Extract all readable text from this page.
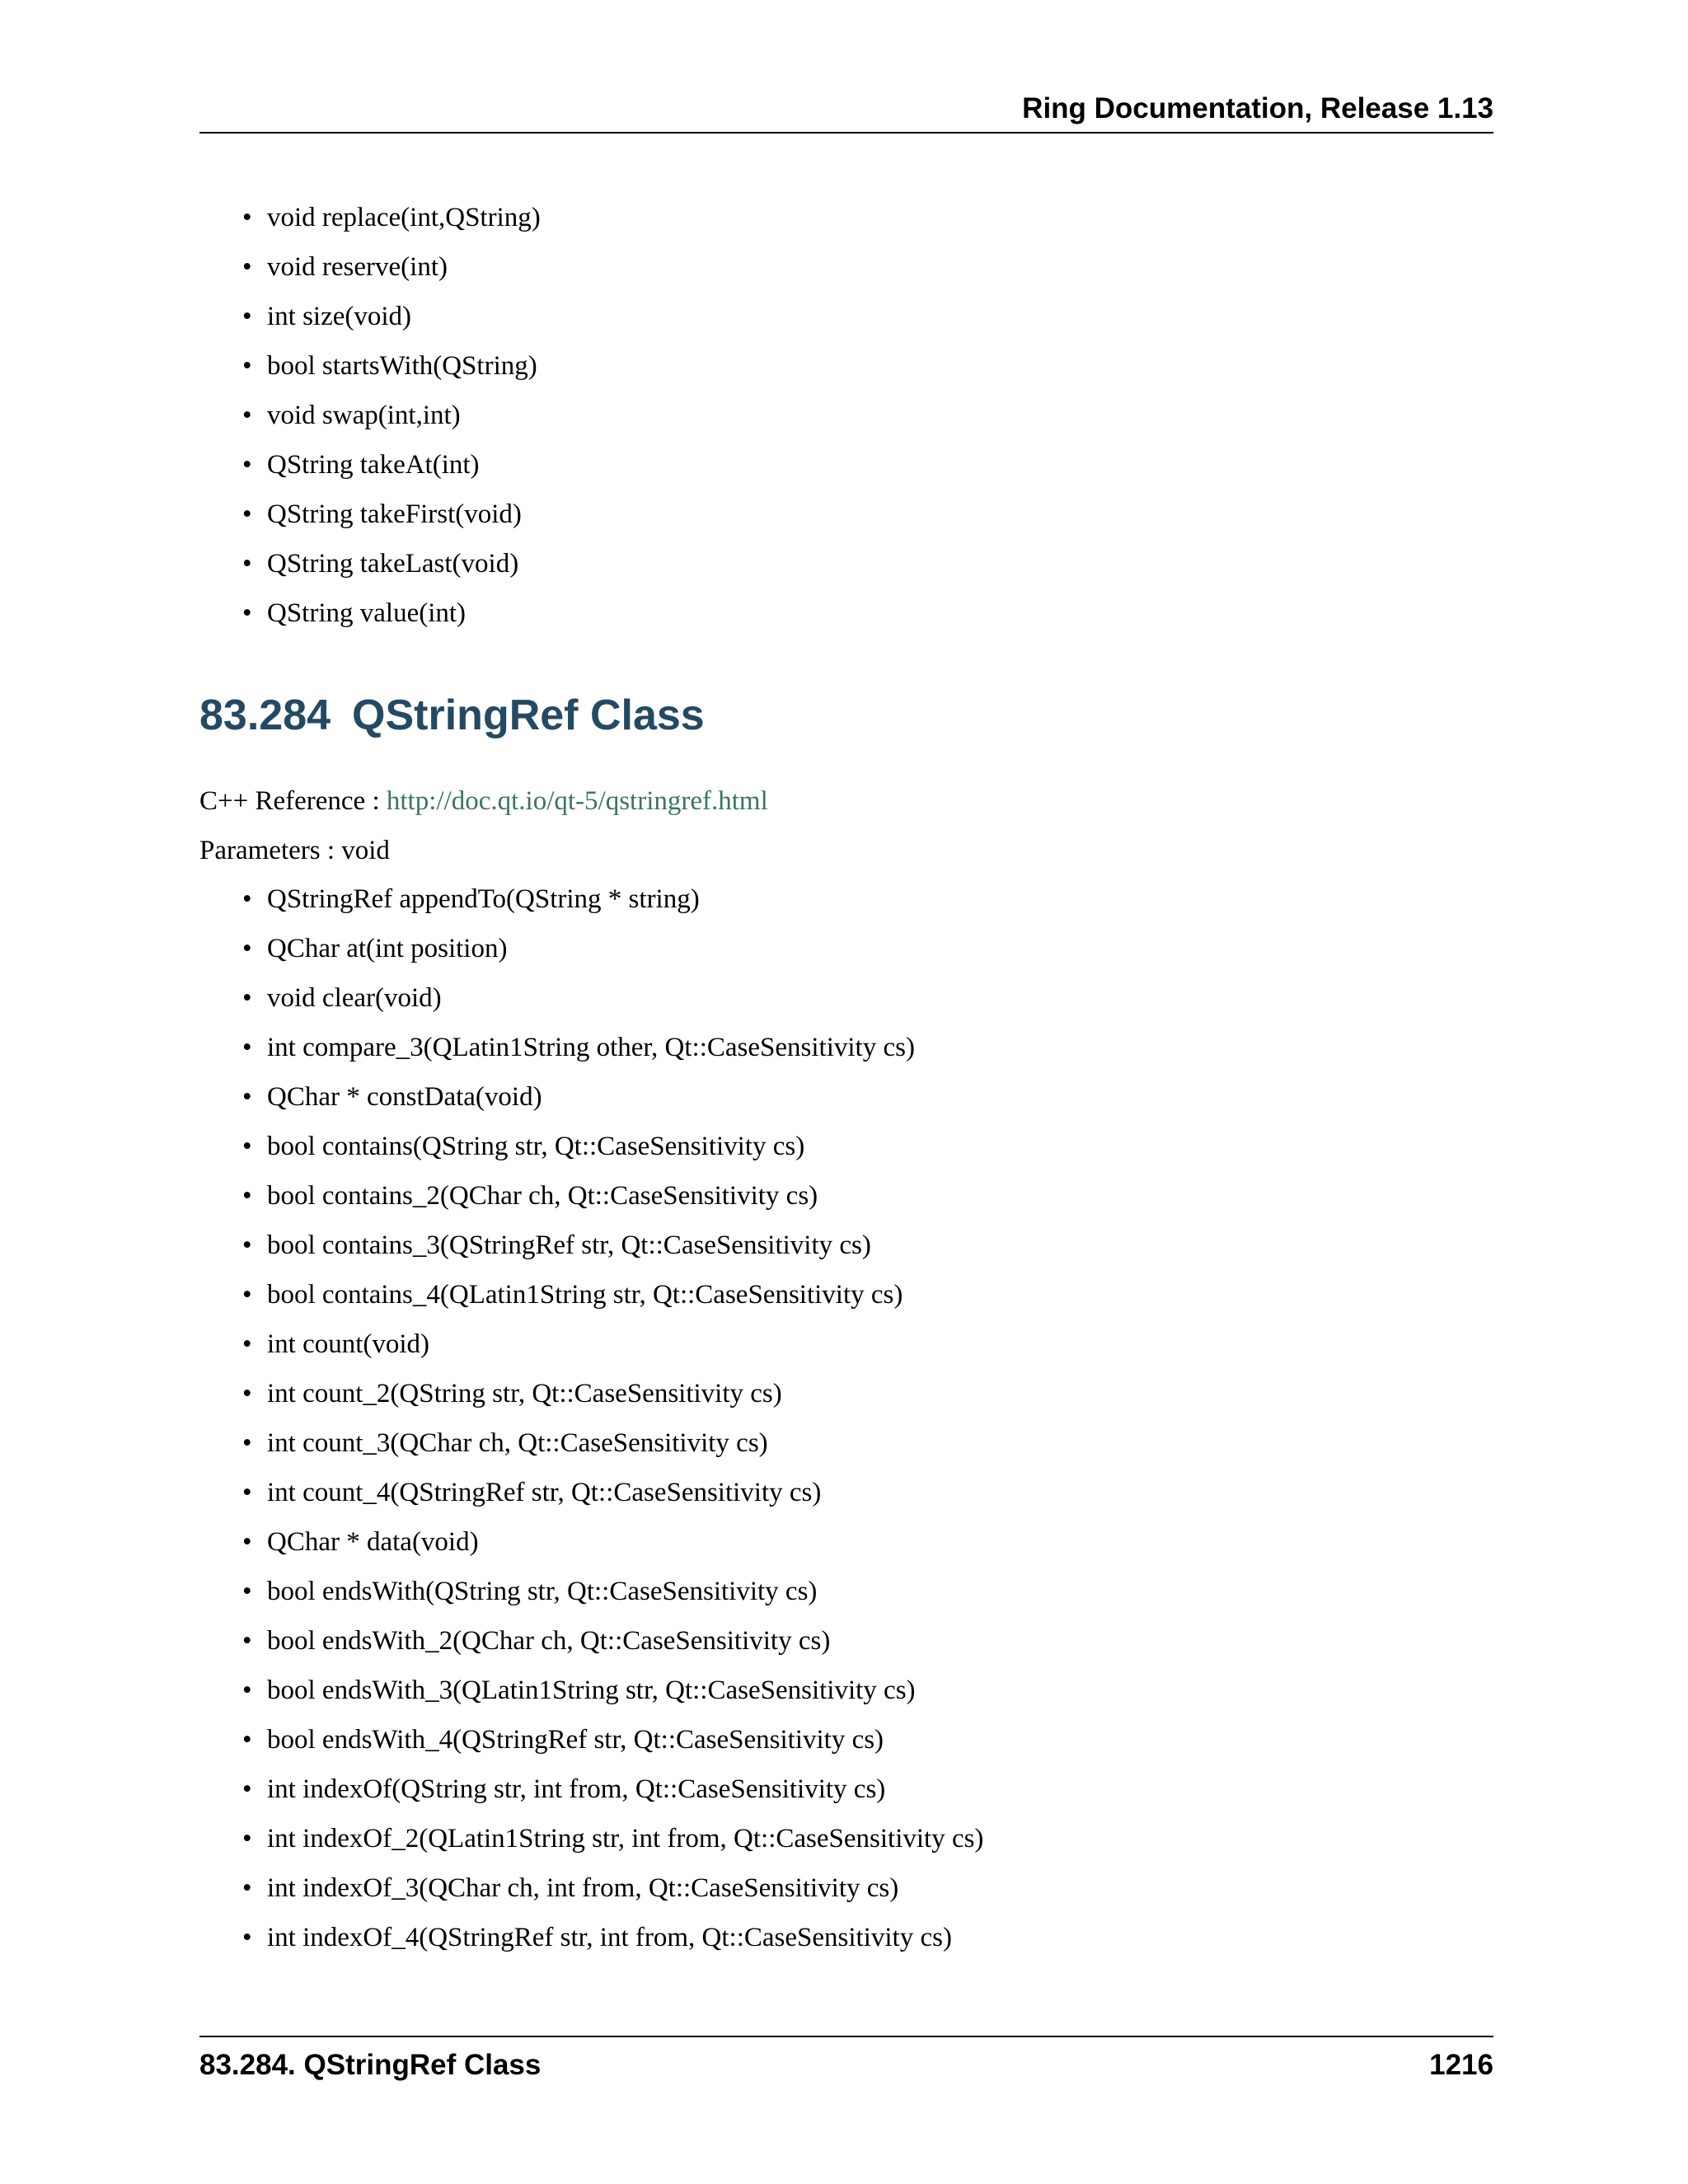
Ring Documentation, Release 1.13
• void replace(int,QString)
• void reserve(int)
• int size(void)
• bool startsWith(QString)
• void swap(int,int)
• QString takeAt(int)
• QString takeFirst(void)
• QString takeLast(void)
• QString value(int)
83.284 QStringRef Class
C++ Reference : http://doc.qt.io/qt-5/qstringref.html
Parameters : void
• QStringRef appendTo(QString * string)
• QChar at(int position)
• void clear(void)
• int compare_3(QLatin1String other, Qt::CaseSensitivity cs)
• QChar * constData(void)
• bool contains(QString str, Qt::CaseSensitivity cs)
• bool contains_2(QChar ch, Qt::CaseSensitivity cs)
• bool contains_3(QStringRef str, Qt::CaseSensitivity cs)
• bool contains_4(QLatin1String str, Qt::CaseSensitivity cs)
• int count(void)
• int count_2(QString str, Qt::CaseSensitivity cs)
• int count_3(QChar ch, Qt::CaseSensitivity cs)
• int count_4(QStringRef str, Qt::CaseSensitivity cs)
• QChar * data(void)
• bool endsWith(QString str, Qt::CaseSensitivity cs)
• bool endsWith_2(QChar ch, Qt::CaseSensitivity cs)
• bool endsWith_3(QLatin1String str, Qt::CaseSensitivity cs)
• bool endsWith_4(QStringRef str, Qt::CaseSensitivity cs)
• int indexOf(QString str, int from, Qt::CaseSensitivity cs)
• int indexOf_2(QLatin1String str, int from, Qt::CaseSensitivity cs)
• int indexOf_3(QChar ch, int from, Qt::CaseSensitivity cs)
• int indexOf_4(QStringRef str, int from, Qt::CaseSensitivity cs)
83.284. QStringRef Class	1216
